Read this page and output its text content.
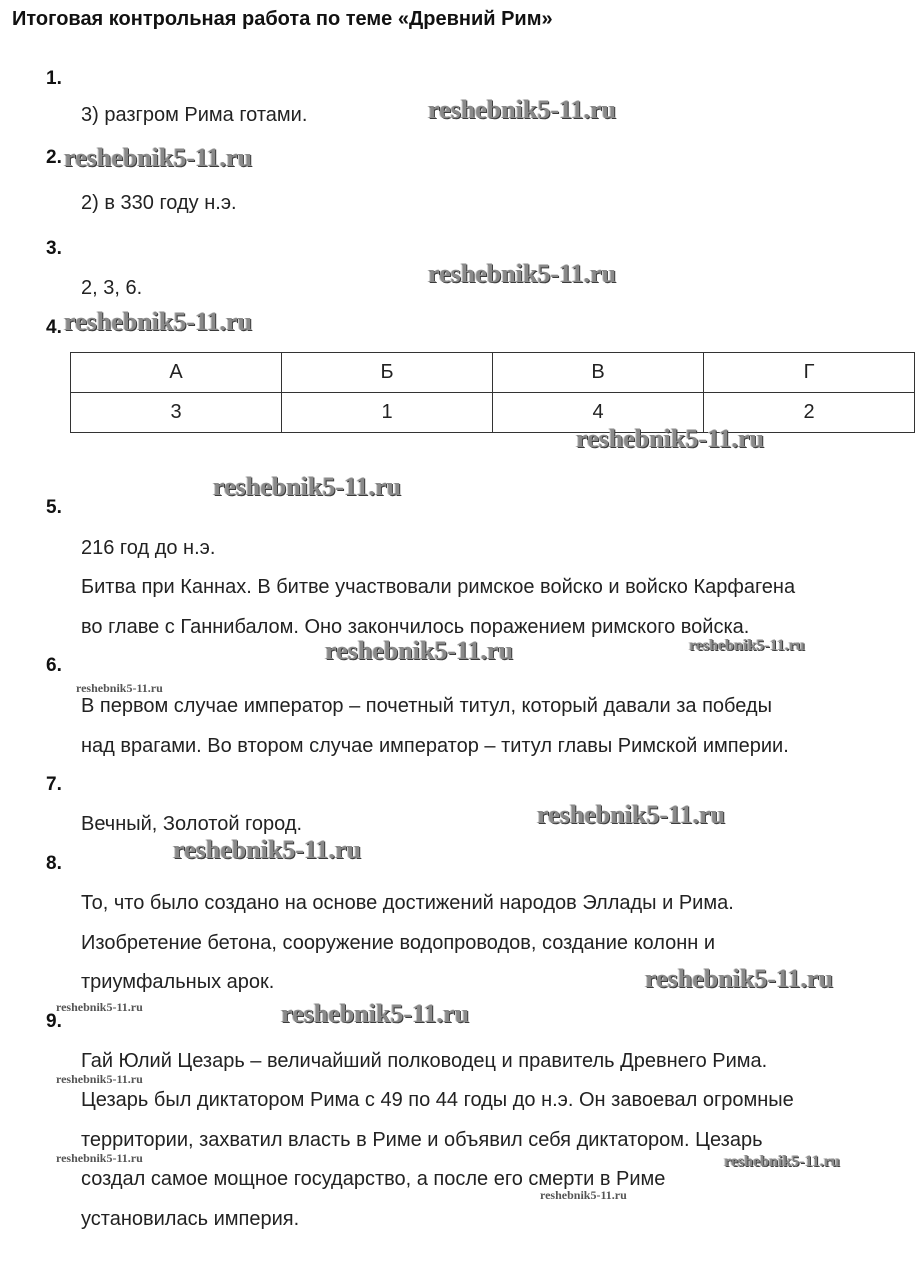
Итоговая контрольная работа по теме «Древний Рим»
1.
3) разгром Рима готами.
2.
2) в 330 году н.э.
3.
2, 3, 6.
4.
А	Б	В	Г
3	1	4	2
5.
216 год до н.э.
Битва при Каннах. В битве участвовали римское войско и войско Карфагена
во главе с Ганнибалом. Оно закончилось поражением римского войска.
6.
В первом случае император – почетный титул, который давали за победы
над врагами. Во втором случае император – титул главы Римской империи.
7.
Вечный, Золотой город.
8.
То, что было создано на основе достижений народов Эллады и Рима.
Изобретение бетона, сооружение водопроводов, создание колонн и
триумфальных арок.
9.
Гай Юлий Цезарь – величайший полководец и правитель Древнего Рима.
Цезарь был диктатором Рима с 49 по 44 годы до н.э. Он завоевал огромные
территории, захватил власть в Риме и объявил себя диктатором. Цезарь
создал самое мощное государство, а после его смерти в Риме
установилась империя.
reshebnik5-11.ru
reshebnik5-11.ru
reshebnik5-11.ru
reshebnik5-11.ru
reshebnik5-11.ru
reshebnik5-11.ru
reshebnik5-11.ru	reshebnik5-11.ru
reshebnik5-11.ru
reshebnik5-11.ru
reshebnik5-11.ru
reshebnik5-11.ru
reshebnik5-11.ru	reshebnik5-11.ru
reshebnik5-11.ru
reshebnik5-11.ru	reshebnik5-11.ru
reshebnik5-11.ru
